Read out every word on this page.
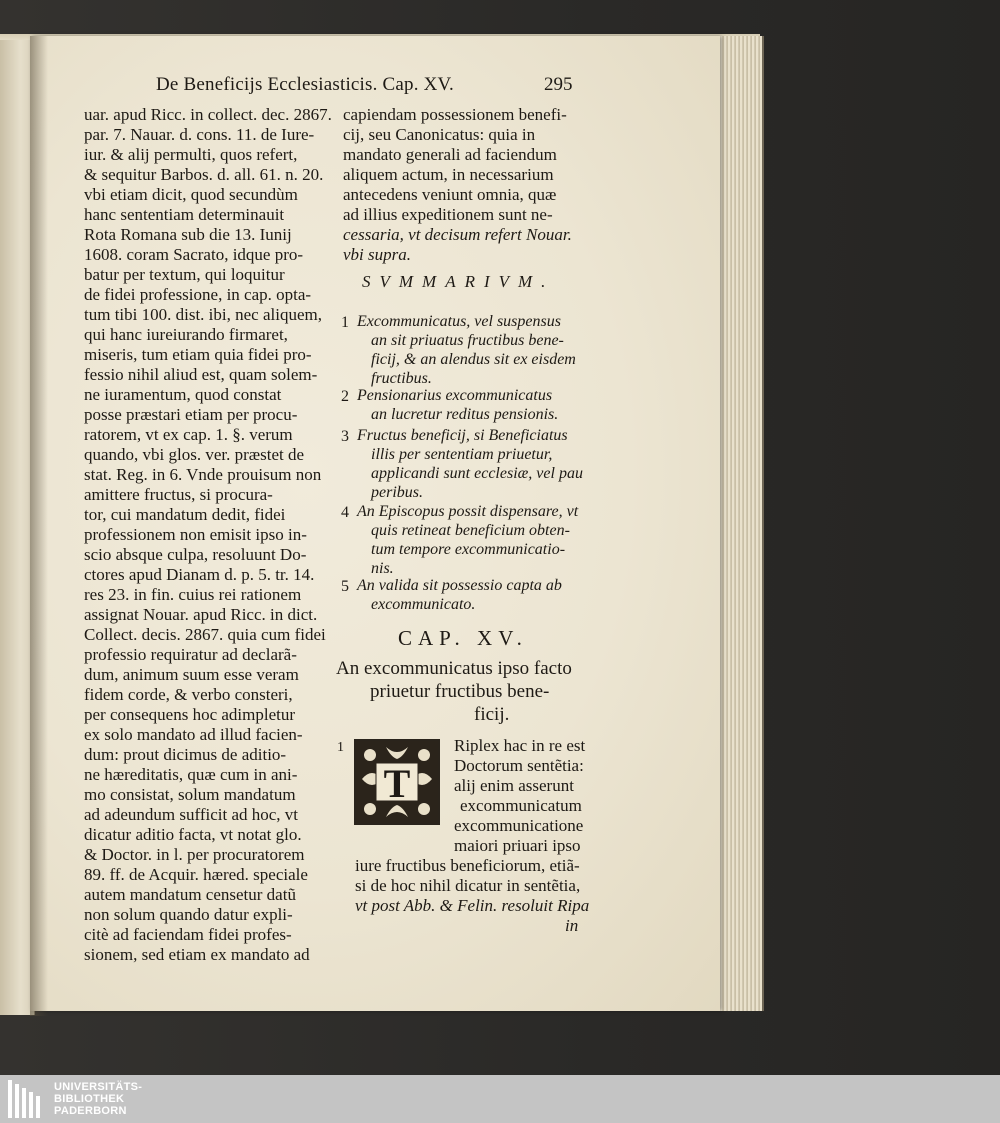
De Beneficijs Ecclesiasticis. Cap. XV.	295
uar. apud Ricc. in collect. dec. 2867.
par. 7. Nauar. d. cons. 11. de Iure-
iur. & alij permulti, quos refert,
& sequitur Barbos. d. all. 61. n. 20.
vbi etiam dicit, quod secundùm
hanc sententiam determinauit
Rota Romana sub die 13. Iunij
1608. coram Sacrato, idque pro-
batur per textum, qui loquitur
de fidei professione, in cap. opta-
tum tibi 100. dist. ibi, nec aliquem,
qui hanc iureiurando firmaret,
miseris, tum etiam quia fidei pro-
fessio nihil aliud est, quam solem-
ne iuramentum, quod constat
posse præstari etiam per procu-
ratorem, vt ex cap. 1. §. verum
quando, vbi glos. ver. præstet de
stat. Reg. in 6. Vnde prouisum non
amittere fructus, si procura-
tor, cui mandatum dedit, fidei
professionem non emisit ipso in-
scio absque culpa, resoluunt Do-
ctores apud Dianam d. p. 5. tr. 14.
res 23. in fin. cuius rei rationem
assignat Nouar. apud Ricc. in dict.
Collect. decis. 2867. quia cum fidei
professio requiratur ad declarã-
dum, animum suum esse veram
fidem corde, & verbo consteri,
per consequens hoc adimpletur
ex solo mandato ad illud facien-
dum: prout dicimus de aditio-
ne hæreditatis, quæ cum in ani-
mo consistat, solum mandatum
ad adeundum sufficit ad hoc, vt
dicatur aditio facta, vt notat glo.
& Doctor. in l. per procuratorem
89. ff. de Acquir. hæred. speciale
autem mandatum censetur datũ
non solum quando datur expli-
citè ad faciendam fidei profes-
sionem, sed etiam ex mandato ad
capiendam possessionem benefi-
cij, seu Canonicatus: quia in
mandato generali ad faciendum
aliquem actum, in necessarium
antecedens veniunt omnia, quæ
ad illius expeditionem sunt ne-
cessaria, vt decisum refert Nouar.
vbi supra.
SVMMARIVM.
1 Excommunicatus, vel suspensus
an sit priuatus fructibus bene-
ficij, & an alendus sit ex eisdem
fructibus.
2 Pensionarius excommunicatus
an lucretur reditus pensionis.
3 Fructus beneficij, si Beneficiatus
illis per sententiam priuetur,
applicandi sunt ecclesiæ, vel pau
peribus.
4 An Episcopus possit dispensare, vt
quis retineat beneficium obten-
tum tempore excommunicatio-
nis.
5 An valida sit possessio capta ab
excommunicato.
CAP. XV.
An excommunicatus ipso facto
priuetur fructibus bene-
ficij.
1
T
Riplex hac in re est
Doctorum sentẽtia:
alij enim asserunt
excommunicatum
excommunicatione
maiori priuari ipso
iure fructibus beneficiorum, etiã-
si de hoc nihil dicatur in sentẽtia,
vt post Abb. & Felin. resoluit Ripa
in
UNIVERSITÄTS-
BIBLIOTHEK
PADERBORN
